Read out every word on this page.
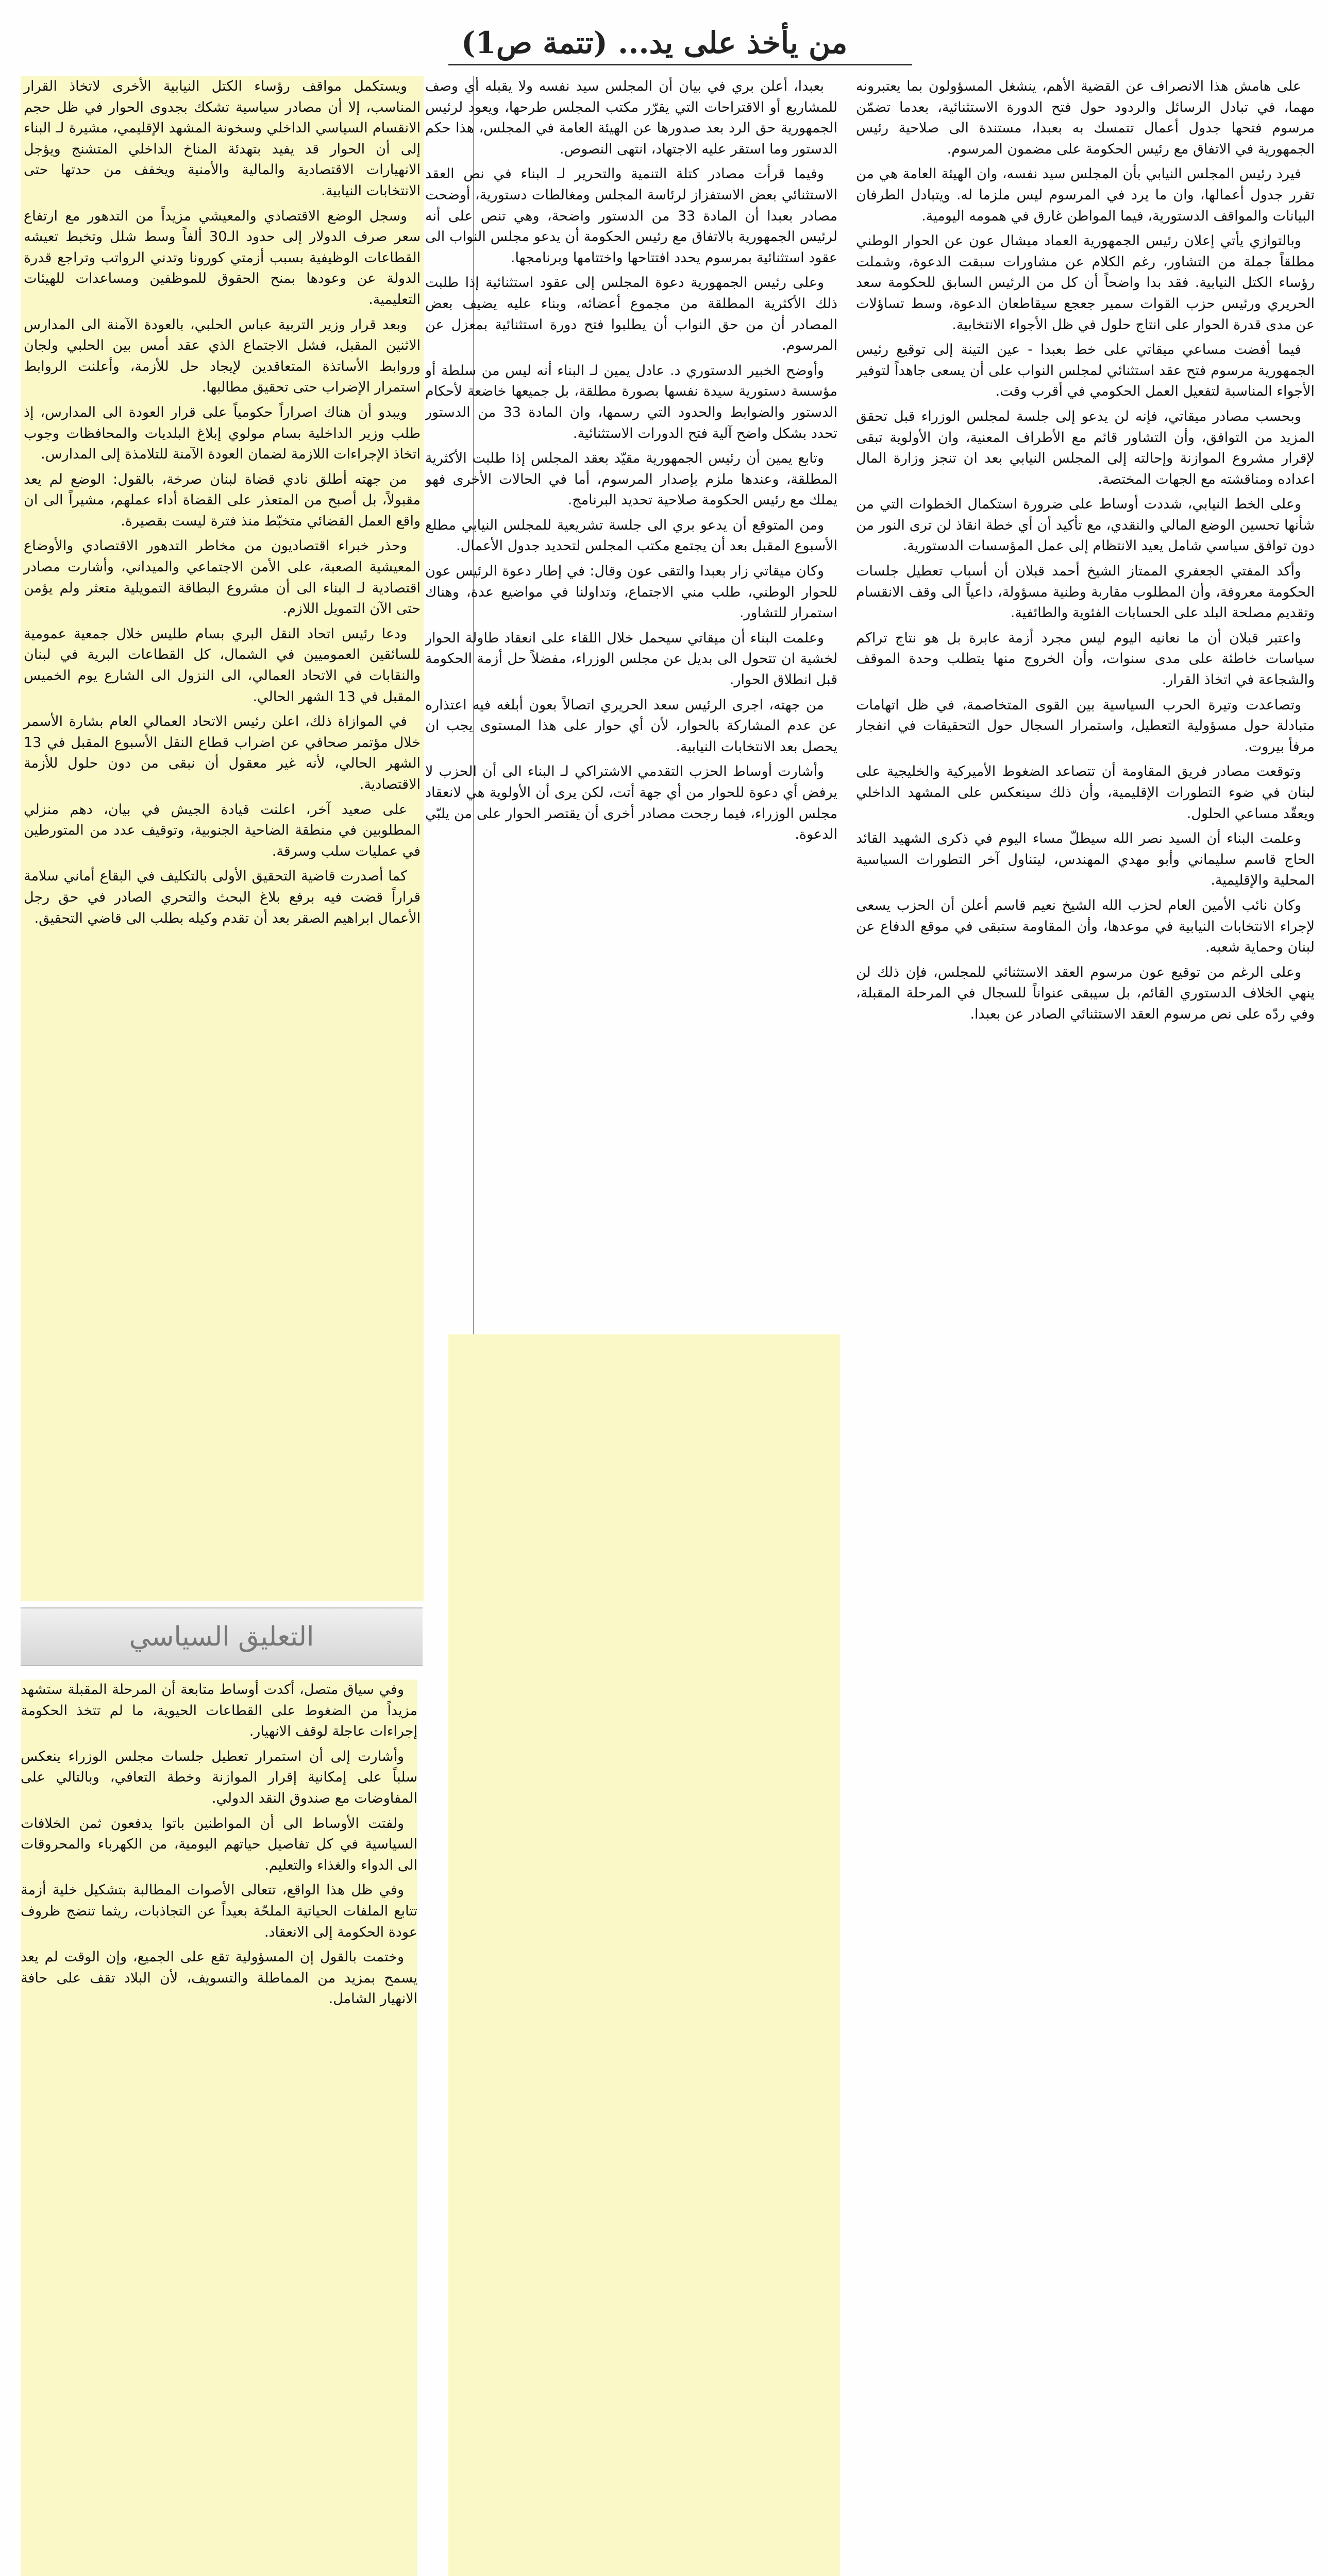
من يأخذ على يد... (تتمة ص1)

على هامش هذا الانصراف عن القضية الأهم، ينشغل المسؤولون بما يعتبرونه مهما، في تبادل الرسائل والردود حول فتح الدورة الاستثنائية، بعدما تضمّن مرسوم فتحها جدول أعمال تتمسك به بعبدا، مستندة الى صلاحية رئيس الجمهورية في الاتفاق مع رئيس الحكومة على مضمون المرسوم.

فيرد رئيس المجلس النيابي بأن المجلس سيد نفسه، وان الهيئة العامة هي من تقرر جدول أعمالها، وان ما يرد في المرسوم ليس ملزما له. ويتبادل الطرفان البيانات والمواقف الدستورية، فيما المواطن غارق في همومه اليومية.

وبالتوازي يأتي إعلان رئيس الجمهورية العماد ميشال عون عن الحوار الوطني مطلقاً جملة من التشاور، رغم الكلام عن مشاورات سبقت الدعوة، وشملت رؤساء الكتل النيابية. فقد بدا واضحاً أن كل من الرئيس السابق للحكومة سعد الحريري ورئيس حزب القوات سمير جعجع سيقاطعان الدعوة، وسط تساؤلات عن مدى قدرة الحوار على انتاج حلول في ظل الأجواء الانتخابية.

فيما أفضت مساعي ميقاتي على خط بعبدا - عين التينة إلى توقيع رئيس الجمهورية مرسوم فتح عقد استثنائي لمجلس النواب على أن يسعى جاهداً لتوفير الأجواء المناسبة لتفعيل العمل الحكومي في أقرب وقت.

وبحسب مصادر ميقاتي، فإنه لن يدعو إلى جلسة لمجلس الوزراء قبل تحقق المزيد من التوافق، وأن التشاور قائم مع الأطراف المعنية، وان الأولوية تبقى لإقرار مشروع الموازنة وإحالته إلى المجلس النيابي بعد ان تنجز وزارة المال اعداده ومناقشته مع الجهات المختصة.

وعلى الخط النيابي، شددت أوساط على ضرورة استكمال الخطوات التي من شأنها تحسين الوضع المالي والنقدي، مع تأكيد أن أي خطة انقاذ لن ترى النور من دون توافق سياسي شامل يعيد الانتظام إلى عمل المؤسسات الدستورية.

وأكد المفتي الجعفري الممتاز الشيخ أحمد قبلان أن أسباب تعطيل جلسات الحكومة معروفة، وأن المطلوب مقاربة وطنية مسؤولة، داعياً الى وقف الانقسام وتقديم مصلحة البلد على الحسابات الفئوية والطائفية.

واعتبر قبلان أن ما نعانيه اليوم ليس مجرد أزمة عابرة بل هو نتاج تراكم سياسات خاطئة على مدى سنوات، وأن الخروج منها يتطلب وحدة الموقف والشجاعة في اتخاذ القرار.

وتصاعدت وتيرة الحرب السياسية بين القوى المتخاصمة، في ظل اتهامات متبادلة حول مسؤولية التعطيل، واستمرار السجال حول التحقيقات في انفجار مرفأ بيروت.

وتوقعت مصادر فريق المقاومة أن تتصاعد الضغوط الأميركية والخليجية على لبنان في ضوء التطورات الإقليمية، وأن ذلك سينعكس على المشهد الداخلي ويعقّد مساعي الحلول.

وعلمت البناء أن السيد نصر الله سيطلّ مساء اليوم في ذكرى الشهيد القائد الحاج قاسم سليماني وأبو مهدي المهندس، ليتناول آخر التطورات السياسية المحلية والإقليمية.

وكان نائب الأمين العام لحزب الله الشيخ نعيم قاسم أعلن أن الحزب يسعى لإجراء الانتخابات النيابية في موعدها، وأن المقاومة ستبقى في موقع الدفاع عن لبنان وحماية شعبه.

وعلى الرغم من توقيع عون مرسوم العقد الاستثنائي للمجلس، فإن ذلك لن ينهي الخلاف الدستوري القائم، بل سيبقى عنواناً للسجال في المرحلة المقبلة، وفي ردّه على نص مرسوم العقد الاستثنائي الصادر عن بعبدا.

بعبدا، أعلن بري في بيان أن المجلس سيد نفسه ولا يقبله أي وصف للمشاريع أو الاقتراحات التي يقرّر مكتب المجلس طرحها، ويعود لرئيس الجمهورية حق الرد بعد صدورها عن الهيئة العامة في المجلس، هذا حكم الدستور وما استقر عليه الاجتهاد، انتهى النصوص.

وفيما قرأت مصادر كتلة التنمية والتحرير لـ البناء في نص العقد الاستثنائي بعض الاستفزاز لرئاسة المجلس ومغالطات دستورية، أوضحت مصادر بعبدا أن المادة 33 من الدستور واضحة، وهي تنص على أنه لرئيس الجمهورية بالاتفاق مع رئيس الحكومة أن يدعو مجلس النواب الى عقود استثنائية بمرسوم يحدد افتتاحها واختتامها وبرنامجها.

وعلى رئيس الجمهورية دعوة المجلس إلى عقود استثنائية إذا طلبت ذلك الأكثرية المطلقة من مجموع أعضائه، وبناء عليه يضيف بعض المصادر أن من حق النواب أن يطلبوا فتح دورة استثنائية بمعزل عن المرسوم.

وأوضح الخبير الدستوري د. عادل يمين لـ البناء أنه ليس من سلطة أو مؤسسة دستورية سيدة نفسها بصورة مطلقة، بل جميعها خاضعة لأحكام الدستور والضوابط والحدود التي رسمها، وان المادة 33 من الدستور تحدد بشكل واضح آلية فتح الدورات الاستثنائية.

وتابع يمين أن رئيس الجمهورية مقيّد بعقد المجلس إذا طلبت الأكثرية المطلقة، وعندها ملزم بإصدار المرسوم، أما في الحالات الأخرى فهو يملك مع رئيس الحكومة صلاحية تحديد البرنامج.

ومن المتوقع أن يدعو بري الى جلسة تشريعية للمجلس النيابي مطلع الأسبوع المقبل بعد أن يجتمع مكتب المجلس لتحديد جدول الأعمال.

وكان ميقاتي زار بعبدا والتقى عون وقال: في إطار دعوة الرئيس عون للحوار الوطني، طلب مني الاجتماع، وتداولنا في مواضيع عدة، وهناك استمرار للتشاور.

وعلمت البناء أن ميقاتي سيحمل خلال اللقاء على انعقاد طاولة الحوار لخشية ان تتحول الى بديل عن مجلس الوزراء، مفضلاً حل أزمة الحكومة قبل انطلاق الحوار.

من جهته، اجرى الرئيس سعد الحريري اتصالاً بعون أبلغه فيه اعتذاره عن عدم المشاركة بالحوار، لأن أي حوار على هذا المستوى يجب ان يحصل بعد الانتخابات النيابية.

وأشارت أوساط الحزب التقدمي الاشتراكي لـ البناء الى أن الحزب لا يرفض أي دعوة للحوار من أي جهة أتت، لكن يرى أن الأولوية هي لانعقاد مجلس الوزراء، فيما رجحت مصادر أخرى أن يقتصر الحوار على من يلبّي الدعوة.

ويستكمل مواقف رؤساء الكتل النيابية الأخرى لاتخاذ القرار المناسب، إلا أن مصادر سياسية تشكك بجدوى الحوار في ظل حجم الانقسام السياسي الداخلي وسخونة المشهد الإقليمي، مشيرة لـ البناء إلى أن الحوار قد يفيد بتهدئة المناخ الداخلي المتشنج ويؤجل الانهيارات الاقتصادية والمالية والأمنية ويخفف من حدتها حتى الانتخابات النيابية.

وسجل الوضع الاقتصادي والمعيشي مزيداً من التدهور مع ارتفاع سعر صرف الدولار إلى حدود الـ30 ألفاً وسط شلل وتخبط تعيشه القطاعات الوظيفية بسبب أزمتي كورونا وتدني الرواتب وتراجع قدرة الدولة عن وعودها بمنح الحقوق للموظفين ومساعدات للهيئات التعليمية.

وبعد قرار وزير التربية عباس الحلبي، بالعودة الآمنة الى المدارس الاثنين المقبل، فشل الاجتماع الذي عقد أمس بين الحلبي ولجان وروابط الأساتذة المتعاقدين لإيجاد حل للأزمة، وأعلنت الروابط استمرار الإضراب حتى تحقيق مطالبها.

ويبدو أن هناك اصراراً حكومياً على قرار العودة الى المدارس، إذ طلب وزير الداخلية بسام مولوي إبلاغ البلديات والمحافظات وجوب اتخاذ الإجراءات اللازمة لضمان العودة الآمنة للتلامذة إلى المدارس.

من جهته أطلق نادي قضاة لبنان صرخة، بالقول: الوضع لم يعد مقبولاً، بل أصبح من المتعذر على القضاة أداء عملهم، مشيراً الى ان واقع العمل القضائي متخبّط منذ فترة ليست بقصيرة.

وحذر خبراء اقتصاديون من مخاطر التدهور الاقتصادي والأوضاع المعيشية الصعبة، على الأمن الاجتماعي والميداني، وأشارت مصادر اقتصادية لـ البناء الى أن مشروع البطاقة التمويلية متعثر ولم يؤمن حتى الآن التمويل اللازم.

ودعا رئيس اتحاد النقل البري بسام طليس خلال جمعية عمومية للسائقين العموميين في الشمال، كل القطاعات البرية في لبنان والنقابات في الاتحاد العمالي، الى النزول الى الشارع يوم الخميس المقبل في 13 الشهر الحالي.

في الموازاة ذلك، اعلن رئيس الاتحاد العمالي العام بشارة الأسمر خلال مؤتمر صحافي عن اضراب قطاع النقل الأسبوع المقبل في 13 الشهر الحالي، لأنه غير معقول أن نبقى من دون حلول للأزمة الاقتصادية.

على صعيد آخر، اعلنت قيادة الجيش في بيان، دهم منزلي المطلوبين في منطقة الضاحية الجنوبية، وتوقيف عدد من المتورطين في عمليات سلب وسرقة.

كما أصدرت قاضية التحقيق الأولى بالتكليف في البقاع أماني سلامة قراراً قضت فيه برفع بلاغ البحث والتحري الصادر في حق رجل الأعمال ابراهيم الصقر بعد أن تقدم وكيله بطلب الى قاضي التحقيق.

التعليق السياسي

وفي سياق متصل، أكدت أوساط متابعة أن المرحلة المقبلة ستشهد مزيداً من الضغوط على القطاعات الحيوية، ما لم تتخذ الحكومة إجراءات عاجلة لوقف الانهيار.

وأشارت إلى أن استمرار تعطيل جلسات مجلس الوزراء ينعكس سلباً على إمكانية إقرار الموازنة وخطة التعافي، وبالتالي على المفاوضات مع صندوق النقد الدولي.

ولفتت الأوساط الى أن المواطنين باتوا يدفعون ثمن الخلافات السياسية في كل تفاصيل حياتهم اليومية، من الكهرباء والمحروقات الى الدواء والغذاء والتعليم.

وفي ظل هذا الواقع، تتعالى الأصوات المطالبة بتشكيل خلية أزمة تتابع الملفات الحياتية الملحّة بعيداً عن التجاذبات، ريثما تنضج ظروف عودة الحكومة إلى الانعقاد.

وختمت بالقول إن المسؤولية تقع على الجميع، وإن الوقت لم يعد يسمح بمزيد من المماطلة والتسويف، لأن البلاد تقف على حافة الانهيار الشامل.
